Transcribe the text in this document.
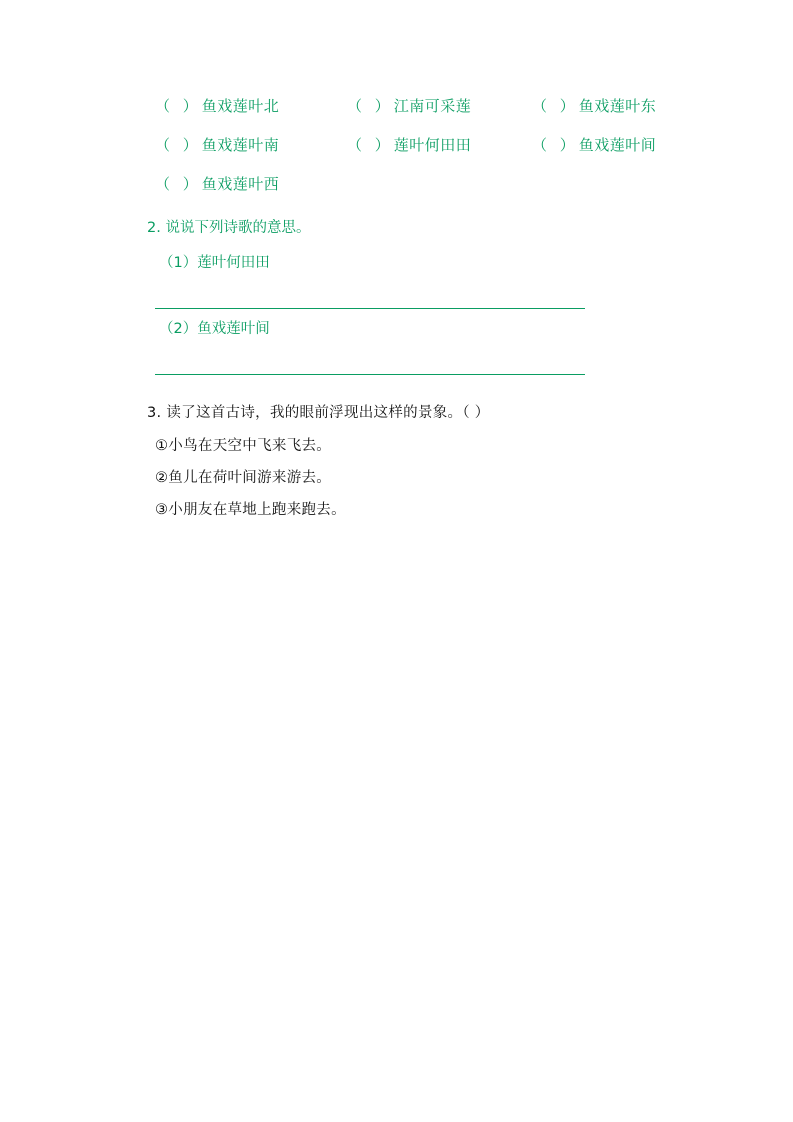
（ ）鱼戏莲叶北	（ ）江南可采莲	（ ）鱼戏莲叶东
（ ）鱼戏莲叶南	（ ）莲叶何田田	（ ）鱼戏莲叶间
（ ）鱼戏莲叶西
2. 说说下列诗歌的意思。
（1）莲叶何田田
（2）鱼戏莲叶间
3. 读了这首古诗，我的眼前浮现出这样的景象。（ ）
①小鸟在天空中飞来飞去。
②鱼儿在荷叶间游来游去。
③小朋友在草地上跑来跑去。
